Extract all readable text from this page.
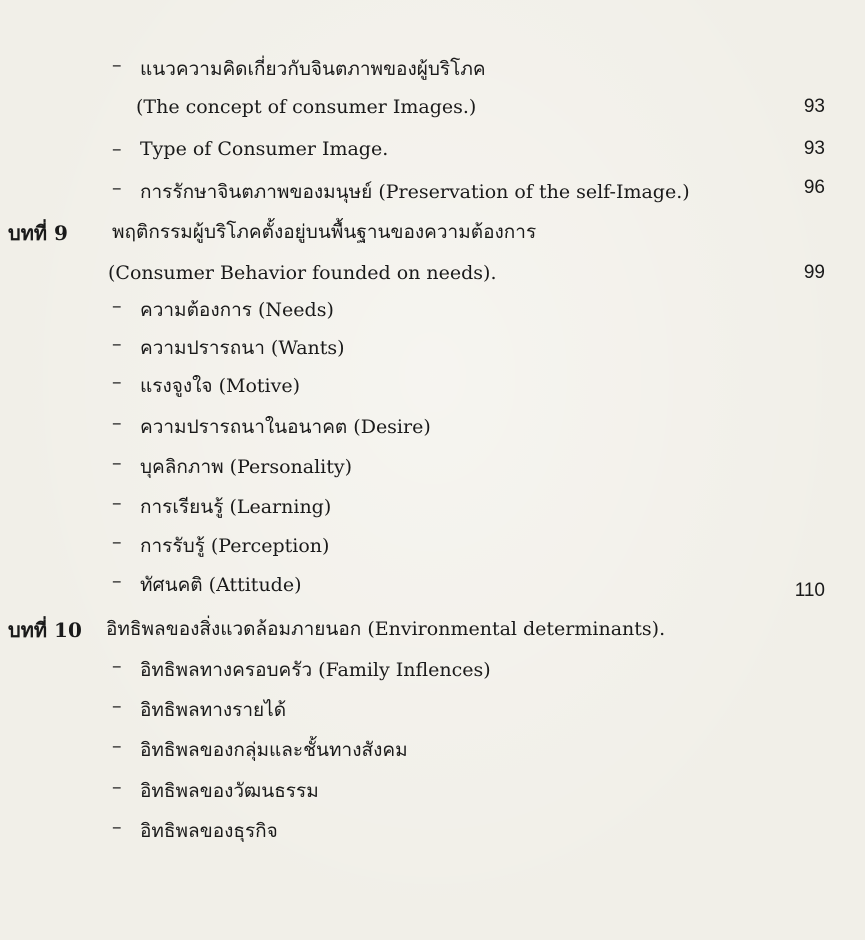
– แนวความคิดเกี่ยวกับจินตภาพของผู้บริโภค
(The concept of consumer Images.)	93
– Type of Consumer Image.	93
– การรักษาจินตภาพของมนุษย์ (Preservation of the self-Image.)	96
บทที่ 9 พฤติกรรมผู้บริโภคตั้งอยู่บนพื้นฐานของความต้องการ
(Consumer Behavior founded on needs).	99
– ความต้องการ (Needs)
– ความปรารถนา (Wants)
– แรงจูงใจ (Motive)
– ความปรารถนาในอนาคต (Desire)
– บุคลิกภาพ (Personality)
– การเรียนรู้ (Learning)
– การรับรู้ (Perception)
– ทัศนคติ (Attitude)	110
บทที่ 10 อิทธิพลของสิ่งแวดล้อมภายนอก (Environmental determinants).
– อิทธิพลทางครอบครัว (Family Inflences)
– อิทธิพลทางรายได้
– อิทธิพลของกลุ่มและชั้นทางสังคม
– อิทธิพลของวัฒนธรรม
– อิทธิพลของธุรกิจ
